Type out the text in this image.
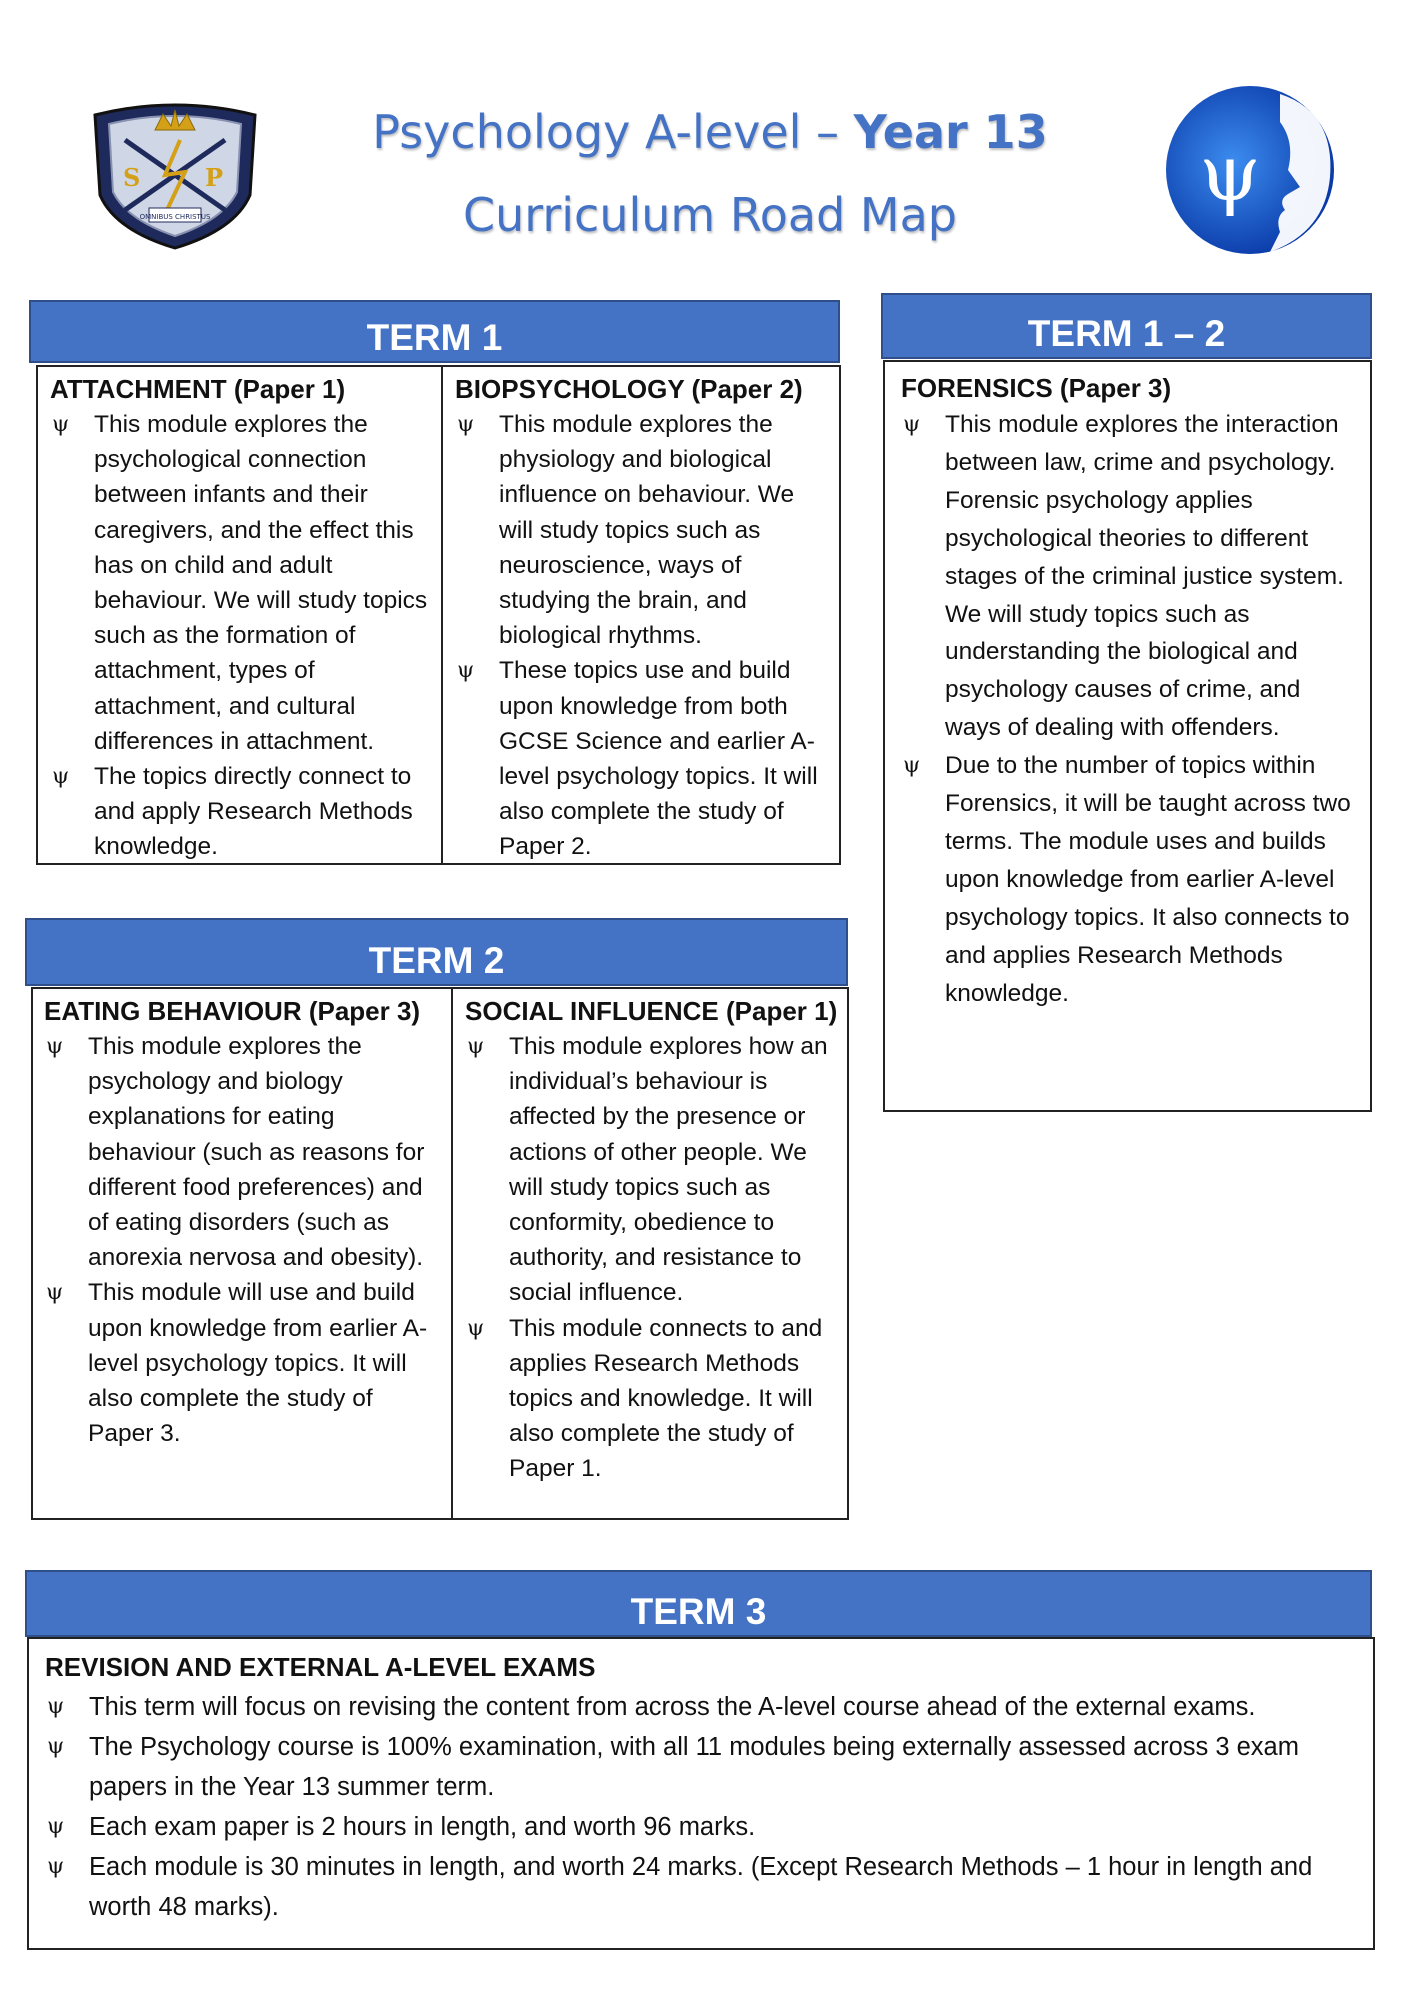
S	P
OMNIBUS CHRISTUS
Psychology A-level – Year 13
Curriculum Road Map	ψ
TERM 1
ATTACHMENT (Paper 1)
ψ This module explores the psychological connection between infants and their caregivers, and the effect this has on child and adult behaviour. We will study topics such as the formation of attachment, types of attachment, and cultural differences in attachment.
ψ The topics directly connect to and apply Research Methods knowledge.
BIOPSYCHOLOGY (Paper 2)
ψ This module explores the physiology and biological influence on behaviour. We will study topics such as neuroscience, ways of studying the brain, and biological rhythms.
ψ These topics use and build upon knowledge from both GCSE Science and earlier A-level psychology topics. It will also complete the study of Paper 2.
TERM 1 – 2
FORENSICS (Paper 3)
ψ This module explores the interaction between law, crime and psychology. Forensic psychology applies psychological theories to different stages of the criminal justice system. We will study topics such as understanding the biological and psychology causes of crime, and ways of dealing with offenders.
ψ Due to the number of topics within Forensics, it will be taught across two terms. The module uses and builds upon knowledge from earlier A-level psychology topics. It also connects to and applies Research Methods knowledge.
TERM 2
EATING BEHAVIOUR (Paper 3)
ψ This module explores the psychology and biology explanations for eating behaviour (such as reasons for different food preferences) and of eating disorders (such as anorexia nervosa and obesity).
ψ This module will use and build upon knowledge from earlier A-level psychology topics. It will also complete the study of Paper 3.
SOCIAL INFLUENCE (Paper 1)
ψ This module explores how an individual’s behaviour is affected by the presence or actions of other people. We will study topics such as conformity, obedience to authority, and resistance to social influence.
ψ This module connects to and applies Research Methods topics and knowledge. It will also complete the study of Paper 1.
TERM 3
REVISION AND EXTERNAL A-LEVEL EXAMS
ψ This term will focus on revising the content from across the A-level course ahead of the external exams.
ψ The Psychology course is 100% examination, with all 11 modules being externally assessed across 3 exam papers in the Year 13 summer term.
ψ Each exam paper is 2 hours in length, and worth 96 marks.
ψ Each module is 30 minutes in length, and worth 24 marks. (Except Research Methods – 1 hour in length and worth 48 marks).
